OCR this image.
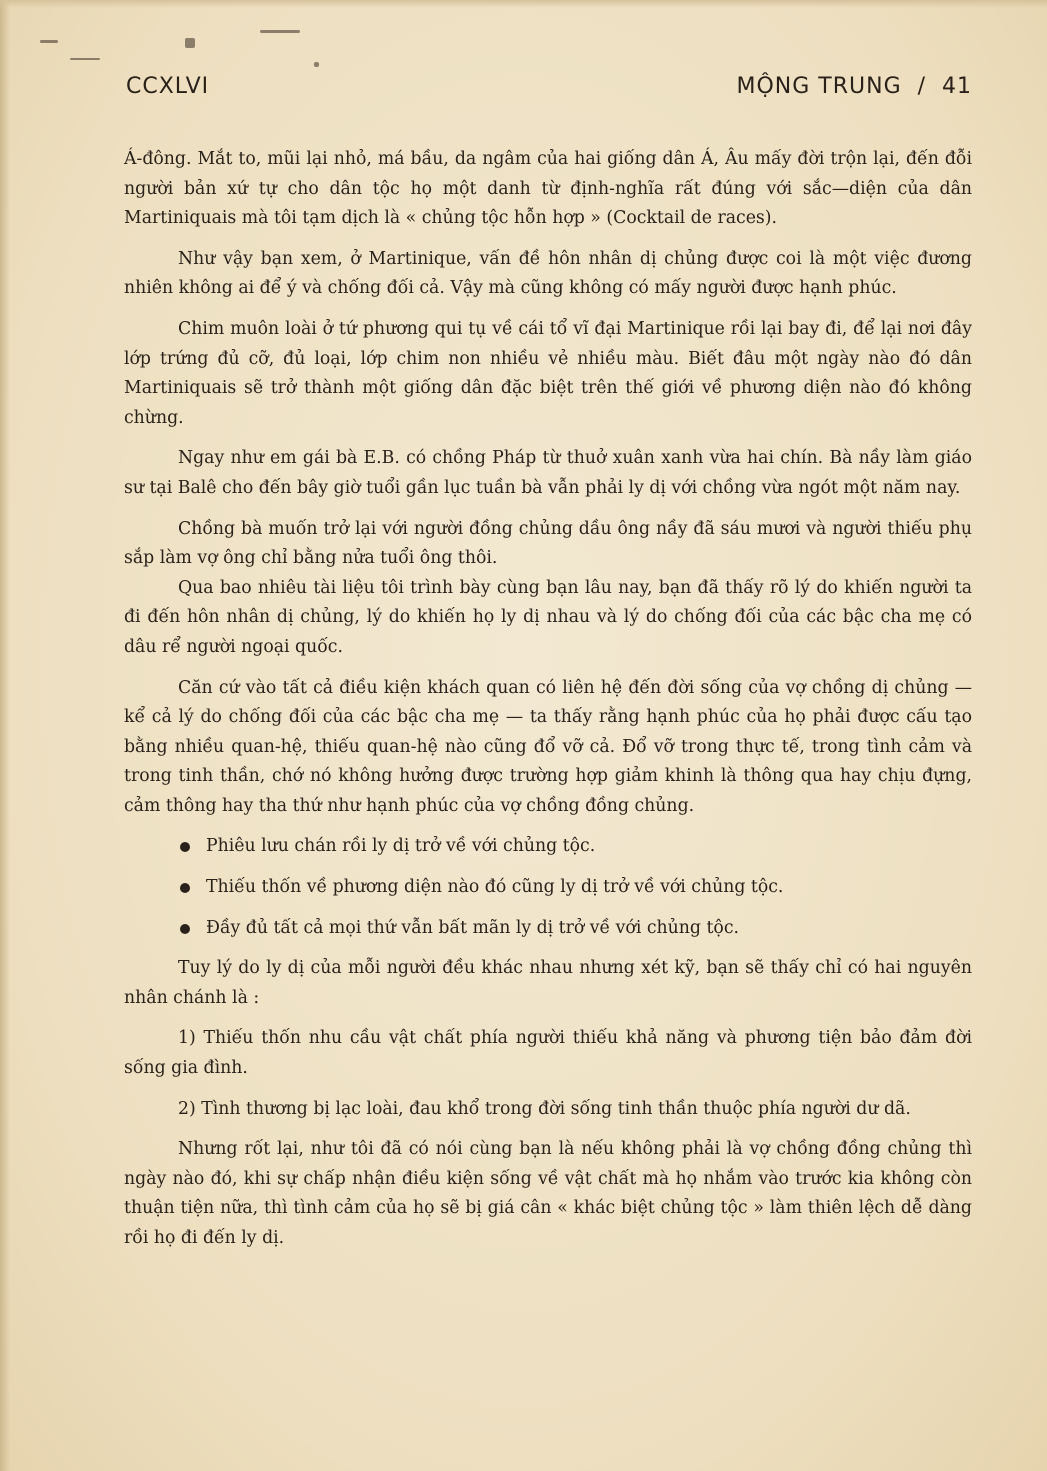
CCXLVI	MỘNG TRUNG  /  41

Á-đông. Mắt to, mũi lại nhỏ, má bầu, da ngâm của hai giống dân Á, Âu mấy đời trộn lại, đến đỗi người bản xứ tự cho dân tộc họ một danh từ định-nghĩa rất đúng với sắc—diện của dân Martiniquais mà tôi tạm dịch là « chủng tộc hỗn hợp » (Cocktail de races).

Như vậy bạn xem, ở Martinique, vấn đề hôn nhân dị chủng được coi là một việc đương nhiên không ai để ý và chống đối cả. Vậy mà cũng không có mấy người được hạnh phúc.

Chim muôn loài ở tứ phương qui tụ về cái tổ vĩ đại Martinique rồi lại bay đi, để lại nơi đây lớp trứng đủ cỡ, đủ loại, lớp chim non nhiều vẻ nhiều màu. Biết đâu một ngày nào đó dân Martiniquais sẽ trở thành một giống dân đặc biệt trên thế giới về phương diện nào đó không chừng.

Ngay như em gái bà E.B. có chồng Pháp từ thuở xuân xanh vừa hai chín. Bà nầy làm giáo sư tại Balê cho đến bây giờ tuổi gần lục tuần bà vẫn phải ly dị với chồng vừa ngót một năm nay.

Chồng bà muốn trở lại với người đồng chủng dầu ông nầy đã sáu mươi và người thiếu phụ sắp làm vợ ông chỉ bằng nửa tuổi ông thôi.

Qua bao nhiêu tài liệu tôi trình bày cùng bạn lâu nay, bạn đã thấy rõ lý do khiến người ta đi đến hôn nhân dị chủng, lý do khiến họ ly dị nhau và lý do chống đối của các bậc cha mẹ có dâu rể người ngoại quốc.

Căn cứ vào tất cả điều kiện khách quan có liên hệ đến đời sống của vợ chồng dị chủng — kể cả lý do chống đối của các bậc cha mẹ — ta thấy rằng hạnh phúc của họ phải được cấu tạo bằng nhiều quan-hệ, thiếu quan-hệ nào cũng đổ vỡ cả. Đổ vỡ trong thực tế, trong tình cảm và trong tinh thần, chớ nó không hưởng được trường hợp giảm khinh là thông qua hay chịu đựng, cảm thông hay tha thứ như hạnh phúc của vợ chồng đồng chủng.

Phiêu lưu chán rồi ly dị trở về với chủng tộc.

Thiếu thốn về phương diện nào đó cũng ly dị trở về với chủng tộc.

Đầy đủ tất cả mọi thứ vẫn bất mãn ly dị trở về với chủng tộc.

Tuy lý do ly dị của mỗi người đều khác nhau nhưng xét kỹ, bạn sẽ thấy chỉ có hai nguyên nhân chánh là :

1) Thiếu thốn nhu cầu vật chất phía người thiếu khả năng và phương tiện bảo đảm đời sống gia đình.

2) Tình thương bị lạc loài, đau khổ trong đời sống tinh thần thuộc phía người dư dã.

Nhưng rốt lại, như tôi đã có nói cùng bạn là nếu không phải là vợ chồng đồng chủng thì ngày nào đó, khi sự chấp nhận điều kiện sống về vật chất mà họ nhắm vào trước kia không còn thuận tiện nữa, thì tình cảm của họ sẽ bị giá cân « khác biệt chủng tộc » làm thiên lệch dễ dàng rồi họ đi đến ly dị.
